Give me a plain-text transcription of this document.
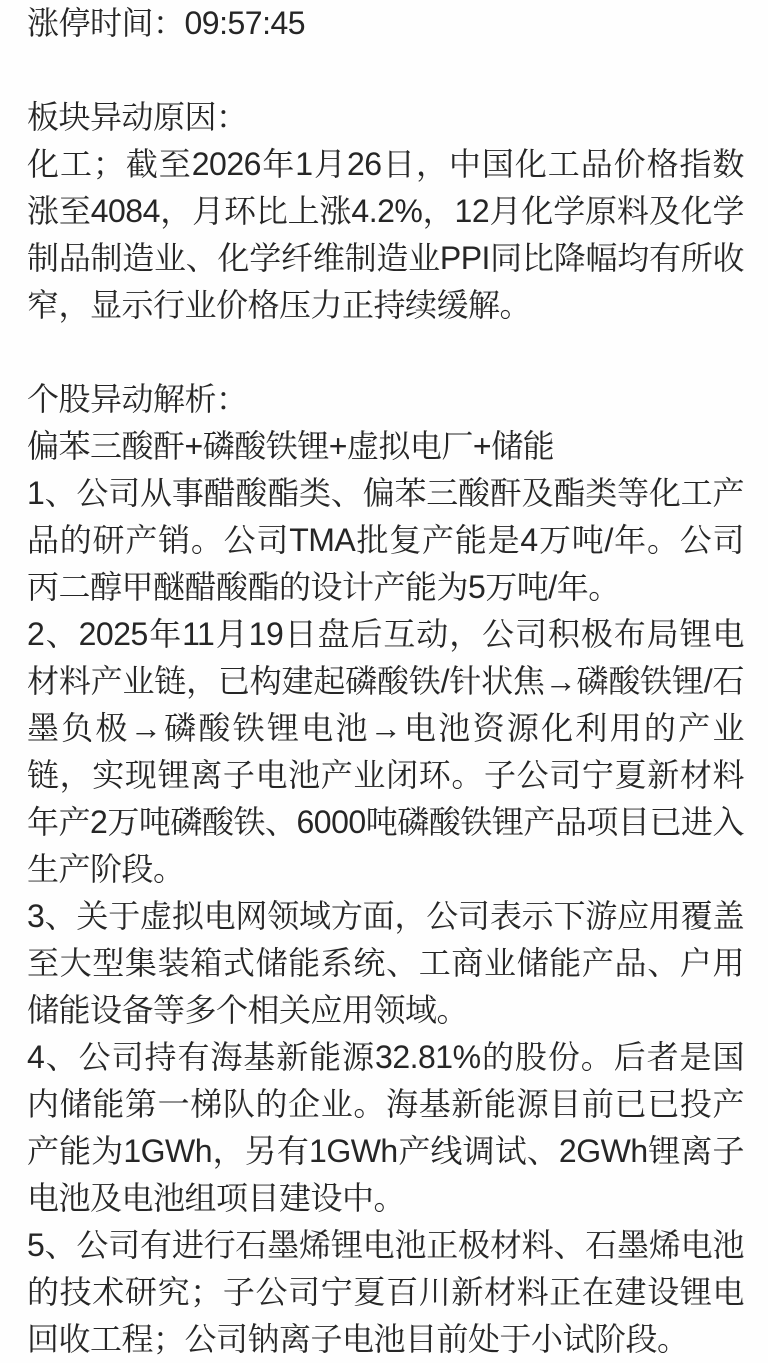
涨停时间：09:57:45

板块异动原因：

化工；截至2026年1月26日，中国化工品价格指数涨至4084，月环比上涨4.2%，12月化学原料及化学制品制造业、化学纤维制造业PPI同比降幅均有所收窄，显示行业价格压力正持续缓解。

个股异动解析：

偏苯三酸酐+磷酸铁锂+虚拟电厂+储能

1、公司从事醋酸酯类、偏苯三酸酐及酯类等化工产品的研产销。公司TMA批复产能是4万吨/年。公司丙二醇甲醚醋酸酯的设计产能为5万吨/年。

2、2025年11月19日盘后互动，公司积极布局锂电材料产业链，已构建起磷酸铁/针状焦→磷酸铁锂/石墨负极→磷酸铁锂电池→电池资源化利用的产业链，实现锂离子电池产业闭环。子公司宁夏新材料年产2万吨磷酸铁、6000吨磷酸铁锂产品项目已进入生产阶段。

3、关于虚拟电网领域方面，公司表示下游应用覆盖至大型集装箱式储能系统、工商业储能产品、户用储能设备等多个相关应用领域。

4、公司持有海基新能源32.81%的股份。后者是国内储能第一梯队的企业。海基新能源目前已已投产产能为1GWh，另有1GWh产线调试、2GWh锂离子电池及电池组项目建设中。

5、公司有进行石墨烯锂电池正极材料、石墨烯电池的技术研究；子公司宁夏百川新材料正在建设锂电回收工程；公司钠离子电池目前处于小试阶段。
